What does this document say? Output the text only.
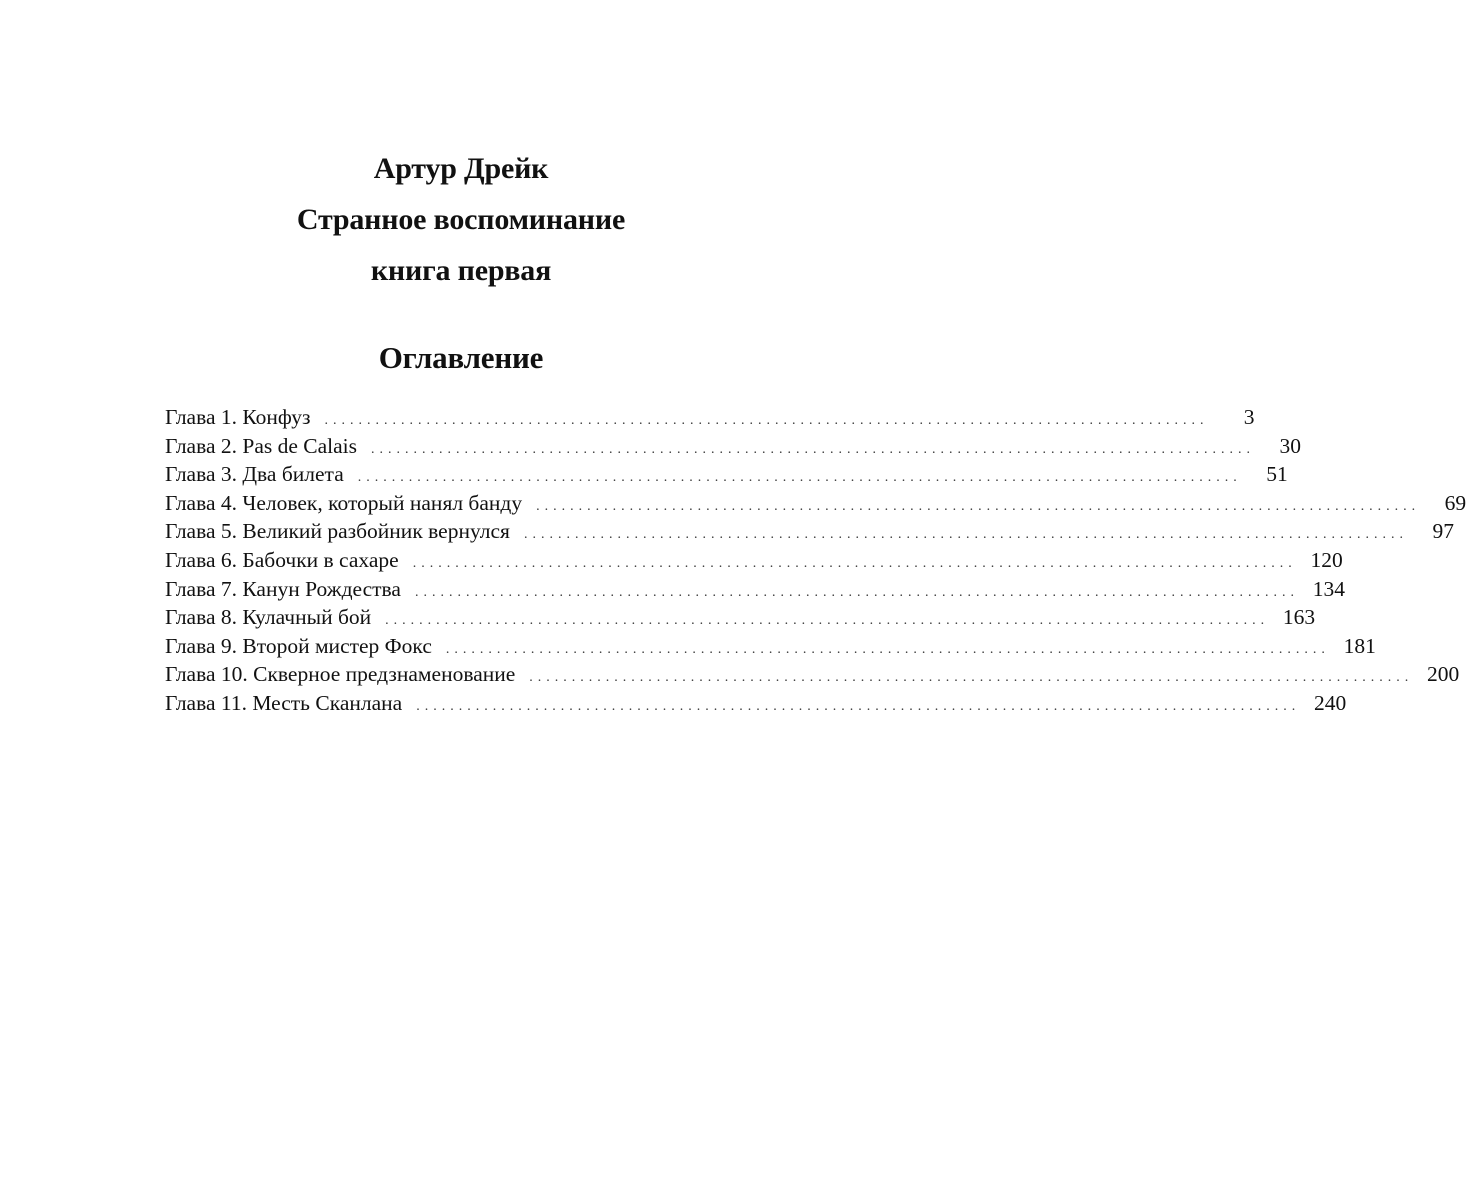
Артур Дрейк
Странное воспоминание
книга первая
Оглавление
Глава 1. Конфуз ........................................................................................................	3
Глава 2. Pas de Calais ........................................................................................................	30
Глава 3. Два билета ........................................................................................................	51
Глава 4. Человек, который нанял банду ........................................................................................................	69
Глава 5. Великий разбойник вернулся ........................................................................................................	97
Глава 6. Бабочки в сахаре ........................................................................................................ 120
Глава 7. Канун Рождества ........................................................................................................ 134
Глава 8. Кулачный бой ........................................................................................................ 163
Глава 9. Второй мистер Фокс ........................................................................................................ 181
Глава 10. Скверное предзнаменование ........................................................................................................ 200
Глава 11. Месть Сканлана ........................................................................................................ 240
